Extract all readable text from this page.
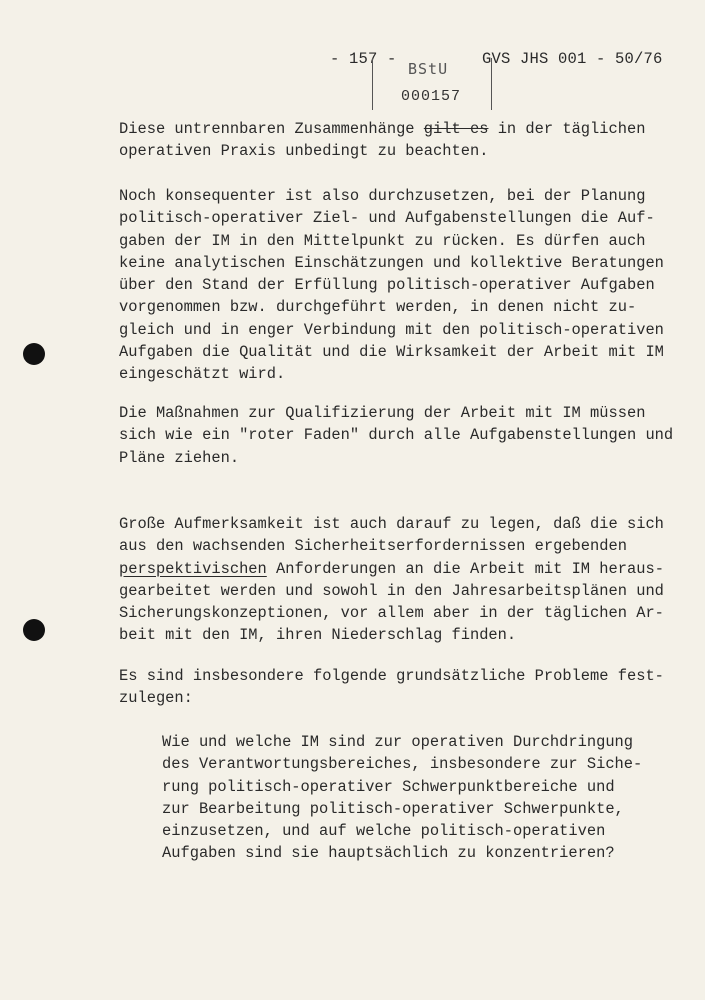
- 157 -	GVS JHS 001 - 50/76
BStU
000157
Diese untrennbaren Zusammenhänge gilt es in der täglichen
operativen Praxis unbedingt zu beachten.
Noch konsequenter ist also durchzusetzen, bei der Planung
politisch-operativer Ziel- und Aufgabenstellungen die Auf-
gaben der IM in den Mittelpunkt zu rücken. Es dürfen auch
keine analytischen Einschätzungen und kollektive Beratungen
über den Stand der Erfüllung politisch-operativer Aufgaben
vorgenommen bzw. durchgeführt werden, in denen nicht zu-
gleich und in enger Verbindung mit den politisch-operativen
Aufgaben die Qualität und die Wirksamkeit der Arbeit mit IM
eingeschätzt wird.
Die Maßnahmen zur Qualifizierung der Arbeit mit IM müssen
sich wie ein "roter Faden" durch alle Aufgabenstellungen und
Pläne ziehen.
Große Aufmerksamkeit ist auch darauf zu legen, daß die sich
aus den wachsenden Sicherheitserfordernissen ergebenden
perspektivischen Anforderungen an die Arbeit mit IM heraus-
gearbeitet werden und sowohl in den Jahresarbeitsplänen und
Sicherungskonzeptionen, vor allem aber in der täglichen Ar-
beit mit den IM, ihren Niederschlag finden.
Es sind insbesondere folgende grundsätzliche Probleme fest-
zulegen:
Wie und welche IM sind zur operativen Durchdringung
des Verantwortungsbereiches, insbesondere zur Siche-
rung politisch-operativer Schwerpunktbereiche und
zur Bearbeitung politisch-operativer Schwerpunkte,
einzusetzen, und auf welche politisch-operativen
Aufgaben sind sie hauptsächlich zu konzentrieren?
